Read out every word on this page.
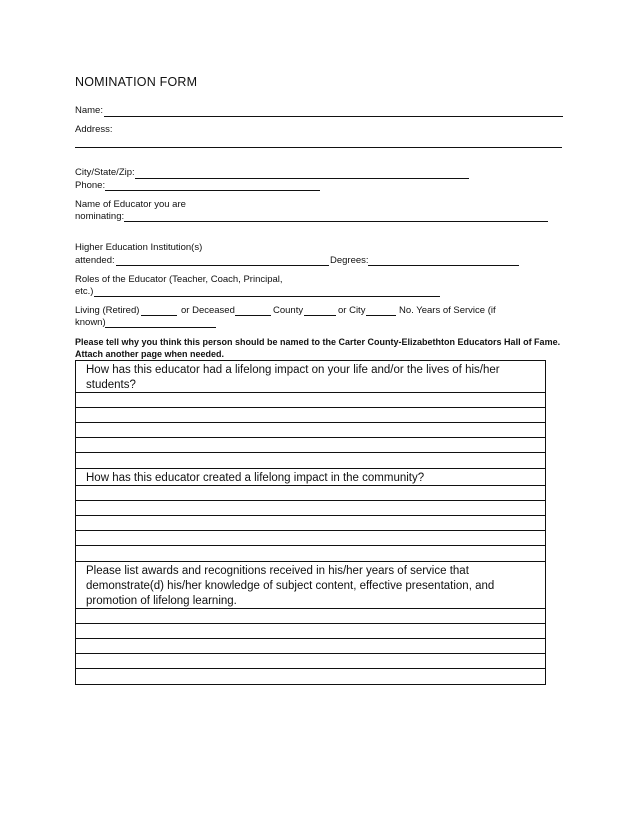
NOMINATION FORM
Name:
Address:
City/State/Zip:
Phone:
Name of Educator you are
nominating:
Higher Education Institution(s)
attended:	Degrees:
Roles of the Educator (Teacher, Coach, Principal,
etc.)
Living (Retired)	or Deceased	County	or City	No. Years of Service (if
known)
Please tell why you think this person should be named to the Carter County-Elizabethton Educators Hall of Fame. Attach another page when needed.
How has this educator had a lifelong impact on your life and/or the lives of his/her students?
How has this educator created a lifelong impact in the community?
Please list awards and recognitions received in his/her years of service that demonstrate(d) his/her knowledge of subject content, effective presentation, and promotion of lifelong learning.
